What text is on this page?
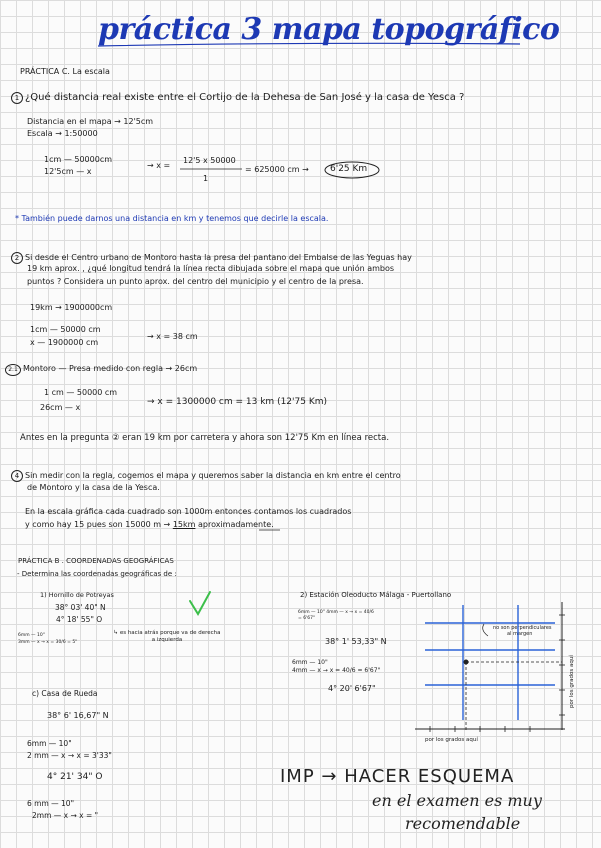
práctica 3 mapa topográfico
PRÁCTICA C. La escala
1 ¿Qué distancia real existe entre el Cortijo de la Dehesa de San José y la casa de Yesca ?
Distancia en el mapa → 12'5cm
Escala → 1:50000
1cm — 50000cm
12'5cm — x
→ x =
12'5 x 50000
1
= 625000 cm → 6'25 Km
* También puede darnos una distancia en km y tenemos que decirle la escala.
2 Si desde el Centro urbano de Montoro hasta la presa del pantano del Embalse de las Yeguas hay
19 km aprox. , ¿qué longitud tendrá la línea recta dibujada sobre el mapa que unión ambos
puntos ? Considera un punto aprox. del centro del municipio y el centro de la presa.
19km → 1900000cm
1cm — 50000 cm
x — 1900000 cm
→ x = 38 cm
2.1 Montoro — Presa medido con regla → 26cm
1 cm — 50000 cm
26cm — x
→ x = 1300000 cm = 13 km (12'75 Km)
Antes en la pregunta ② eran 19 km por carretera y ahora son 12'75 Km en línea recta.
4 Sin medir con la regla, cogemos el mapa y queremos saber la distancia en km entre el centro
de Montoro y la casa de la Yesca.
En la escala gráfica cada cuadrado son 1000m entonces contamos los cuadrados
y como hay 15 pues son 15000 m → 15km aproximadamente.
PRÁCTICA B . COORDENADAS GEOGRÁFICAS
- Determina las coordenadas geográficas de :
1) Hornillo de Potreyas
38° 03' 40" N
4° 18' 55" O
↳ es hacia atrás porque va de derecha a izquierda
6mm — 10"
3mm — x → x = 30/6 = 5"
2) Estación Oleoducto Málaga - Puertollano
6mm — 10" 4mm — x → x = 40/6 = 6'67"
38° 1' 53,33" N
6mm — 10"
4mm — x → x = 40/6 = 6'67"
4° 20' 6'67"
c) Casa de Rueda
38° 6' 16,67" N
6mm — 10"
2 mm — x → x = 3'33"
4° 21' 34" O
6 mm — 10"
2mm — x → x = "
no son perpendiculares
al margen
por los grados aquí
por los grados aquí
IMP → HACER ESQUEMA
en el examen es muy
recomendable
